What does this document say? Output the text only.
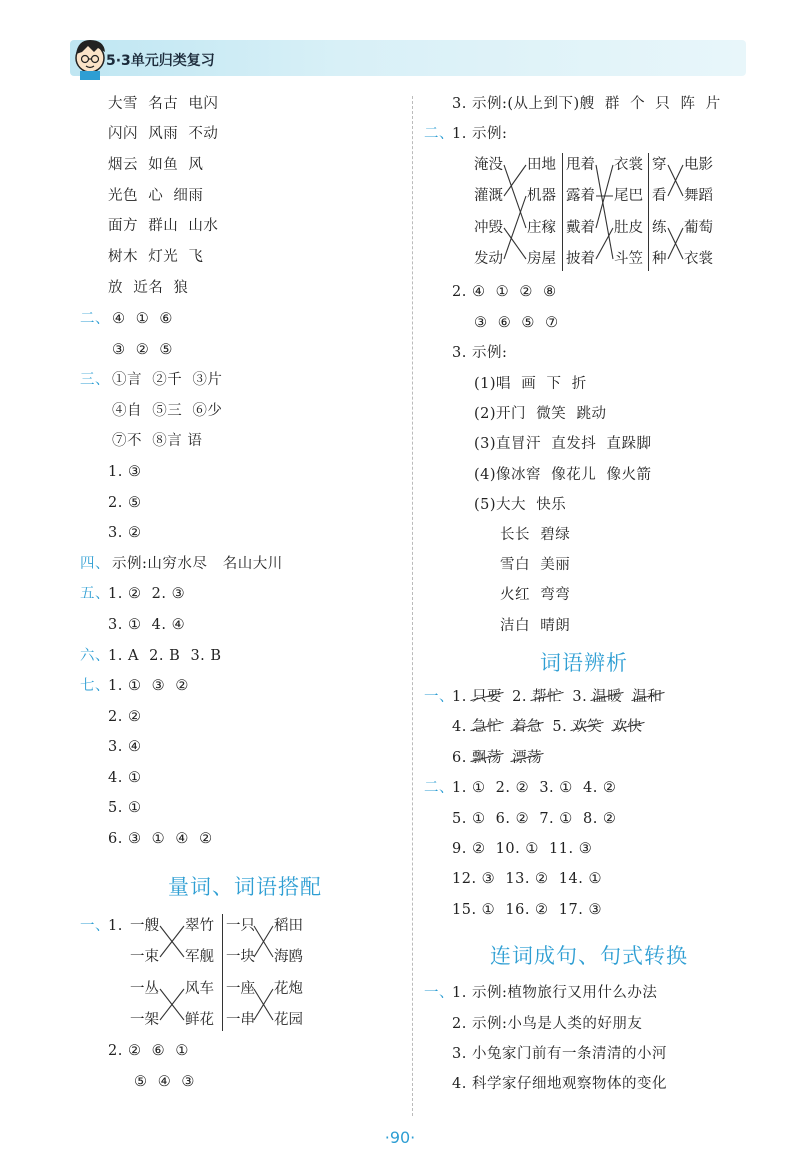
5·3单元归类复习
大雪  名古  电闪
闪闪  风雨  不动
烟云  如鱼  风
光色  心  细雨
面方  群山  山水
树木  灯光  飞
放  近名  狼
二、 ④  ①  ⑥
③  ②  ⑤
三、 ①言  ②千  ③片
④自  ⑤三  ⑥少
⑦不  ⑧言 语
1. ③
2. ⑤
3. ②
四、 示例:山穷水尽   名山大川
五、
1. ②  2. ③
3. ①  4. ④
六、
1. A  2. B  3. B
七、
1. ①  ③  ②
2. ②
3. ④
4. ①
5. ①
6. ③  ①  ④  ②
量词、词语搭配
一、
1. 一艘
一束
一丛
一架
翠竹
军舰
风车
鲜花
一只
一块
一座
一串
稻田
海鸥
花炮
花园
2. ②  ⑥  ①
⑤  ④  ③
3. 示例:(从上到下)艘  群  个  只  阵  片
二、
1. 示例:
淹没
灌溉
冲毁
发动
田地
机器
庄稼
房屋
甩着
露着
戴着
披着
衣裳
尾巴
肚皮
斗笠
穿
看
练
种
电影
舞蹈
葡萄
衣裳
2. ④  ①  ②  ⑧
③  ⑥  ⑤  ⑦
3. 示例:
(1)唱  画  下  折
(2)开门  微笑  跳动
(3)直冒汗  直发抖  直跺脚
(4)像冰窖  像花儿  像火箭
(5)大大  快乐
长长  碧绿
雪白  美丽
火红  弯弯
洁白  晴朗
词语辨析
一、
1. 只要 2. 帮忙 3. 温暖 温和
4. 急忙 着急 5. 欢笑 欢快
6. 飘荡 漂荡
二、
1. ①  2. ②  3. ①  4. ②
5. ①  6. ②  7. ①  8. ②
9. ②  10. ①  11. ③
12. ③  13. ②  14. ①
15. ①  16. ②  17. ③
连词成句、句式转换
一、
1. 示例:植物旅行又用什么办法
2. 示例:小鸟是人类的好朋友
3. 小兔家门前有一条清清的小河
4. 科学家仔细地观察物体的变化
·90·
